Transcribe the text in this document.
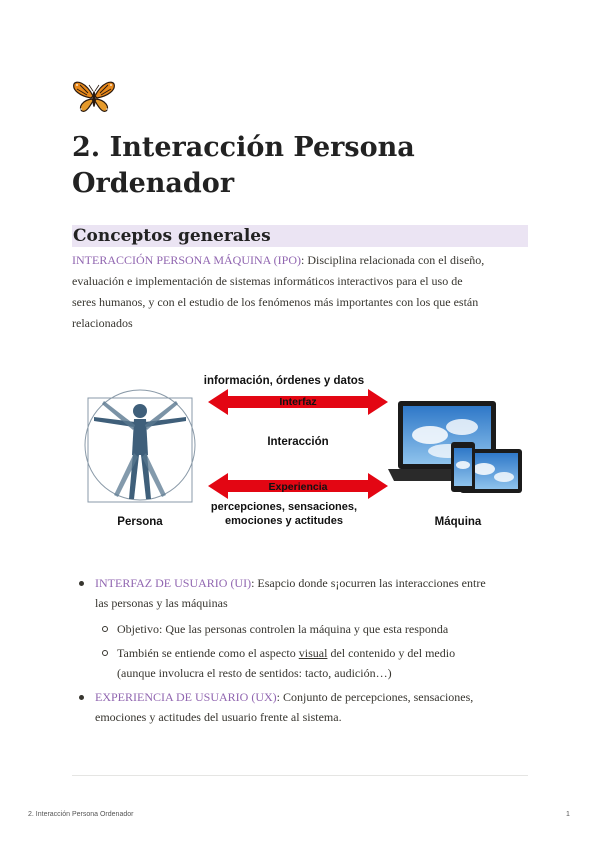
2. Interacción Persona
Ordenador
Conceptos generales
INTERACCIÓN PERSONA MÁQUINA (IPO): Disciplina relacionada con el diseño,
evaluación e implementación de sistemas informáticos interactivos para el uso de
seres humanos, y con el estudio de los fenómenos más importantes con los que están
relacionados
información, órdenes y datos
Interfaz
Interacción
Experiencia
percepciones, sensaciones,
emociones y actitudes
Persona	Máquina
INTERFAZ DE USUARIO (UI): Esapcio donde s¡ocurren las interacciones entre
las personas y las máquinas
Objetivo: Que las personas controlen la máquina y que esta responda
También se entiende como el aspecto visual del contenido y del medio
(aunque involucra el resto de sentidos: tacto, audición…)
EXPERIENCIA DE USUARIO (UX): Conjunto de percepciones, sensaciones,
emociones y actitudes del usuario frente al sistema.
2. Interacción Persona Ordenador	1
